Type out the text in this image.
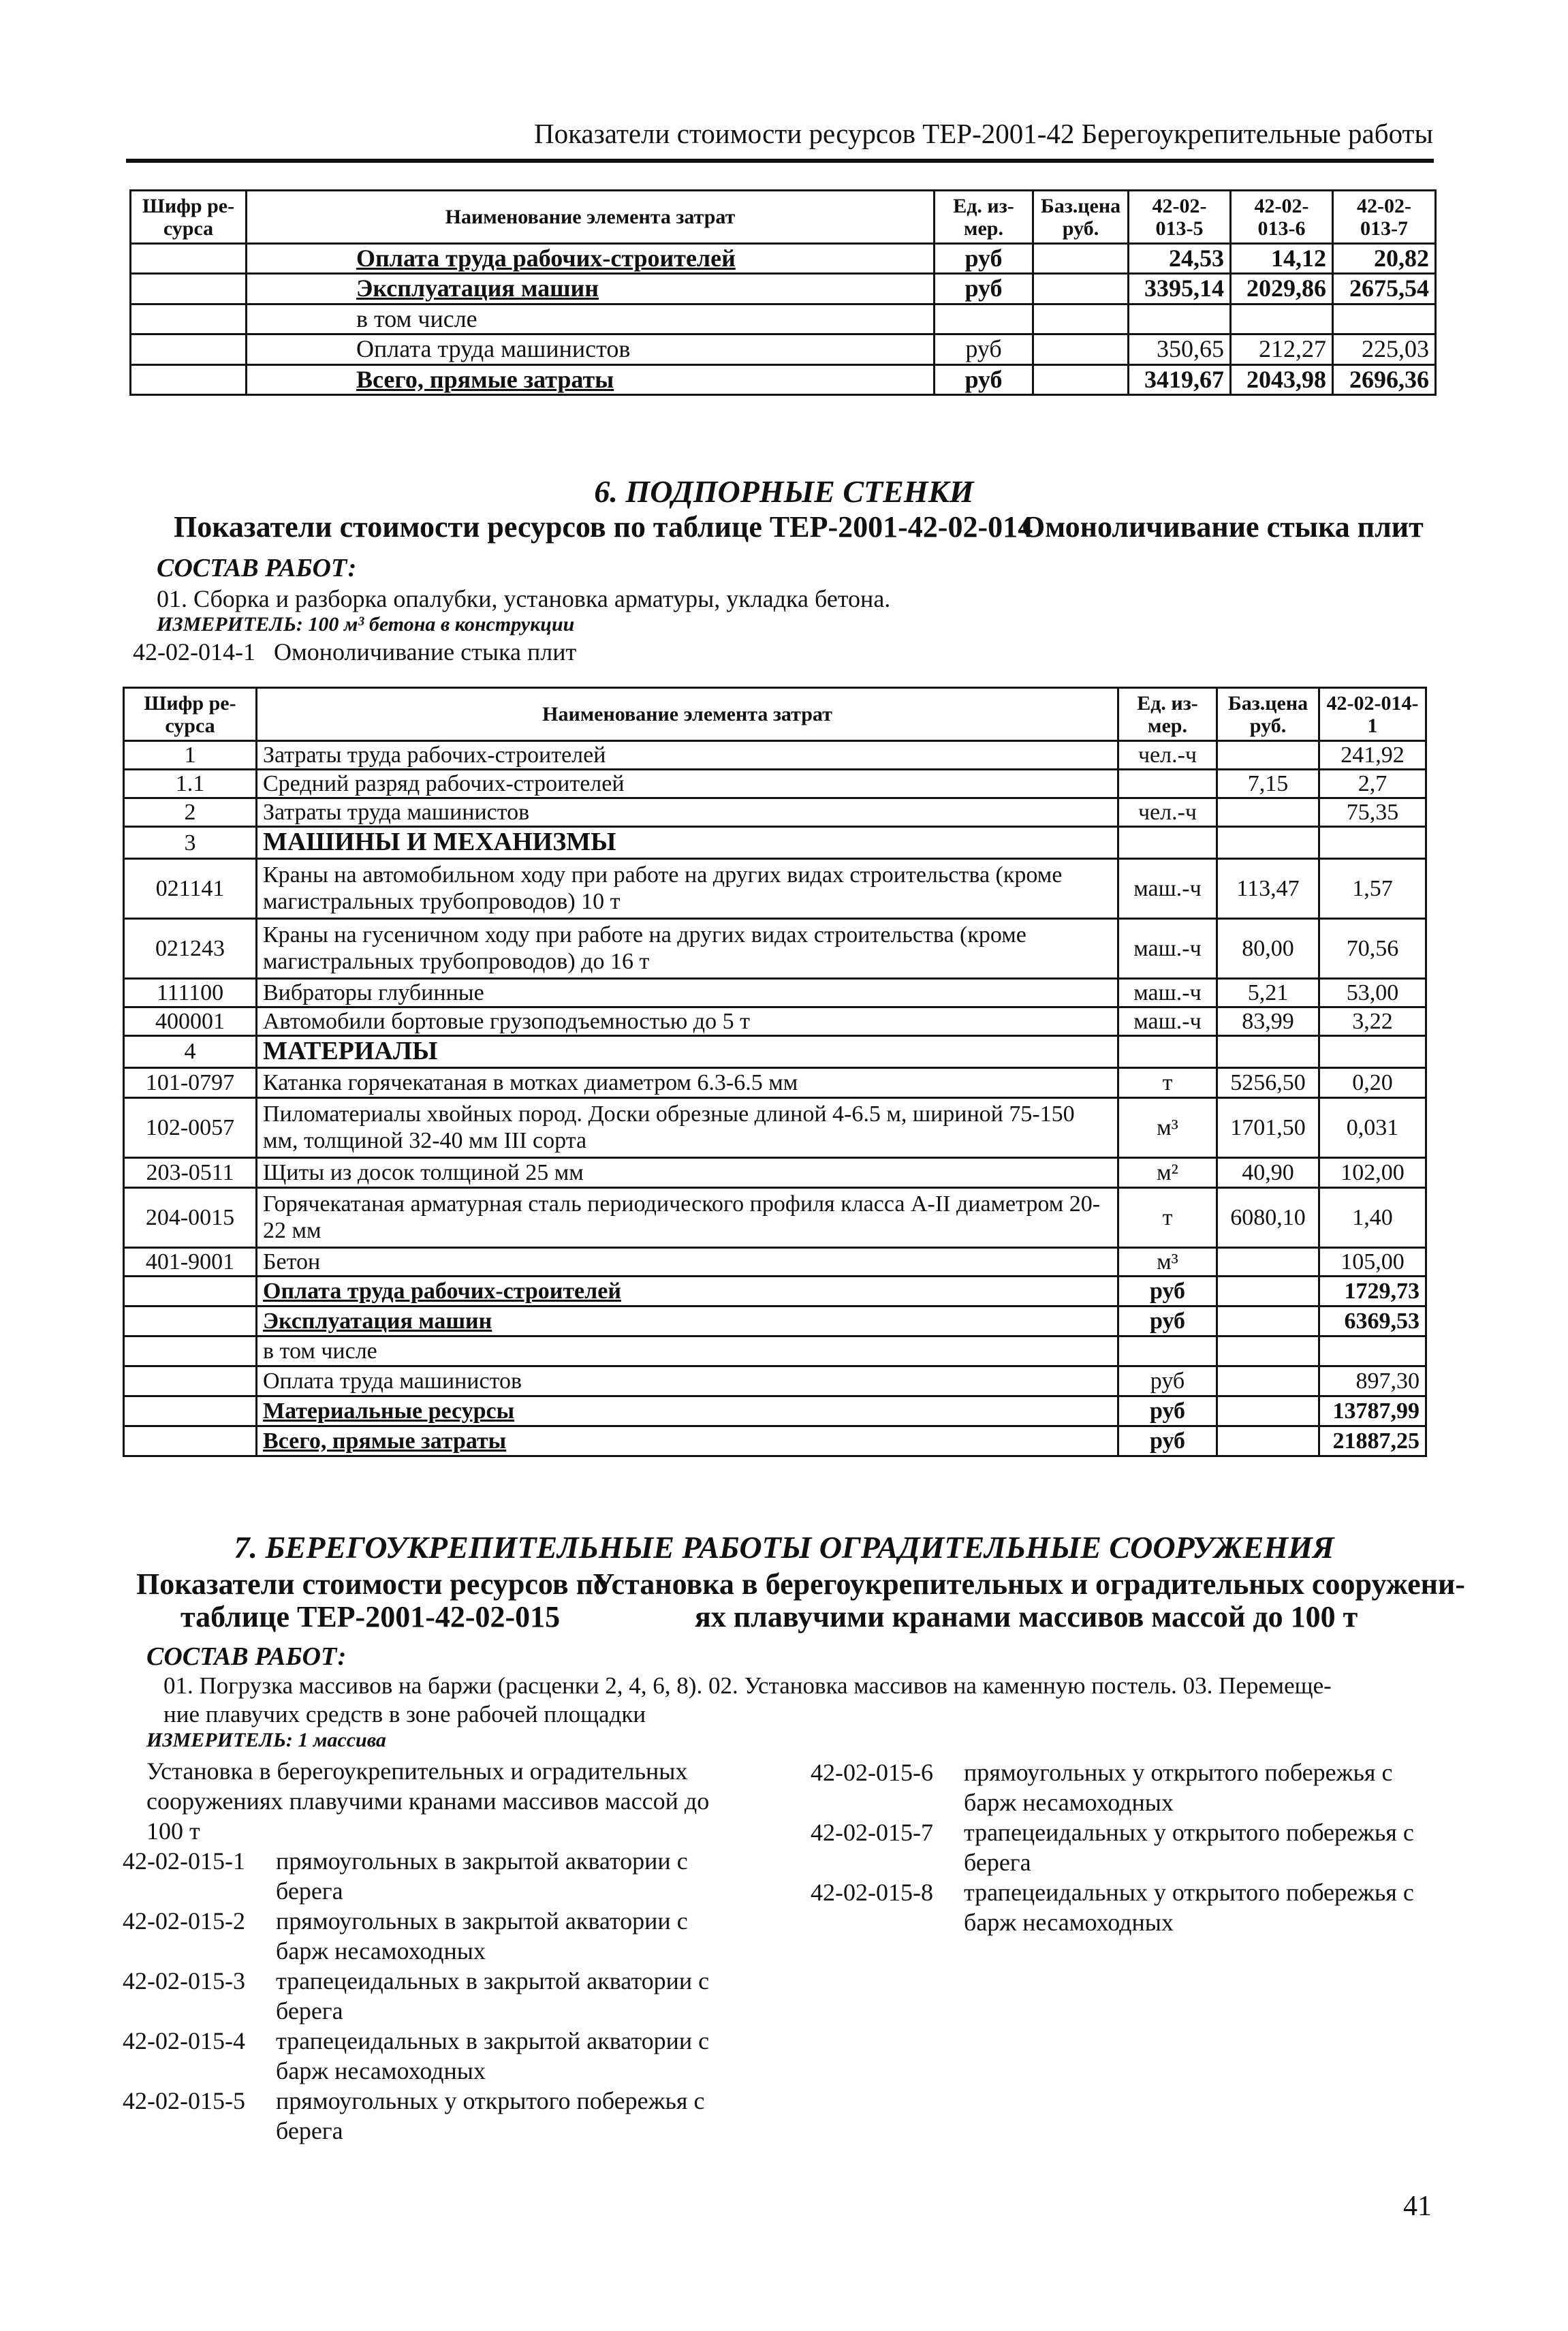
Показатели стоимости ресурсов ТЕР-2001-42 Берегоукрепительные работы
Шифр ре-сурса	Наименование элемента затрат	Ед. из-мер.	Баз.цена руб.	42-02-013-5	42-02-013-6	42-02-013-7
	Оплата труда рабочих-строителей	руб		24,53	14,12	20,82
	Эксплуатация машин	руб		3395,14	2029,86	2675,54
	в том числе					
	Оплата труда машинистов	руб		350,65	212,27	225,03
	Всего, прямые затраты	руб		3419,67	2043,98	2696,36
6. ПОДПОРНЫЕ СТЕНКИ
Показатели стоимости ресурсов по таблице ТЕР-2001-42-02-014
Омоноличивание стыка плит
СОСТАВ РАБОТ:
01. Сборка и разборка опалубки, установка арматуры, укладка бетона.
ИЗМЕРИТЕЛЬ: 100 м³ бетона в конструкции
42-02-014-1   Омоноличивание стыка плит
Шифр ре-сурса	Наименование элемента затрат	Ед. из-мер.	Баз.цена руб.	42-02-014-1
1	Затраты труда рабочих-строителей	чел.-ч		241,92
1.1	Средний разряд рабочих-строителей		7,15	2,7
2	Затраты труда машинистов	чел.-ч		75,35
3	МАШИНЫ И МЕХАНИЗМЫ			
021141	Краны на автомобильном ходу при работе на других видах строительства (кроме магистральных трубопроводов) 10 т	маш.-ч	113,47	1,57
021243	Краны на гусеничном ходу при работе на других видах строительства (кроме магистральных трубопроводов) до 16 т	маш.-ч	80,00	70,56
111100	Вибраторы глубинные	маш.-ч	5,21	53,00
400001	Автомобили бортовые грузоподъемностью до 5 т	маш.-ч	83,99	3,22
4	МАТЕРИАЛЫ			
101-0797	Катанка горячекатаная в мотках диаметром 6.3-6.5 мм	т	5256,50	0,20
102-0057	Пиломатериалы хвойных пород. Доски обрезные длиной 4-6.5 м, шириной 75-150 мм, толщиной 32-40 мм III сорта	м³	1701,50	0,031
203-0511	Щиты из досок толщиной 25 мм	м²	40,90	102,00
204-0015	Горячекатаная арматурная сталь периодического профиля класса А-II диаметром 20-22 мм	т	6080,10	1,40
401-9001	Бетон	м³		105,00
	Оплата труда рабочих-строителей	руб		1729,73
	Эксплуатация машин	руб		6369,53
	в том числе			
	Оплата труда машинистов	руб		897,30
	Материальные ресурсы	руб		13787,99
	Всего, прямые затраты	руб		21887,25
7. БЕРЕГОУКРЕПИТЕЛЬНЫЕ РАБОТЫ ОГРАДИТЕЛЬНЫЕ СООРУЖЕНИЯ
Показатели стоимости ресурсов по
таблице ТЕР-2001-42-02-015
Установка в берегоукрепительных и оградительных сооружени-
ях плавучими кранами массивов массой до 100 т
СОСТАВ РАБОТ:
01. Погрузка массивов на баржи (расценки 2, 4, 6, 8). 02. Установка массивов на каменную постель. 03. Перемеще-
ние плавучих средств в зоне рабочей площадки
ИЗМЕРИТЕЛЬ: 1 массива
Установка в берегоукрепительных и оградительных сооружениях плавучими кранами массивов массой до 100 т
42-02-015-1 прямоугольных в закрытой акватории с берега
42-02-015-2 прямоугольных в закрытой акватории с барж несамоходных
42-02-015-3 трапецеидальных в закрытой акватории с берега
42-02-015-4 трапецеидальных в закрытой акватории с барж несамоходных
42-02-015-5 прямоугольных у открытого побережья с берега
42-02-015-6 прямоугольных у открытого побережья с барж несамоходных
42-02-015-7 трапецеидальных у открытого побережья с берега
42-02-015-8 трапецеидальных у открытого побережья с барж несамоходных
41
